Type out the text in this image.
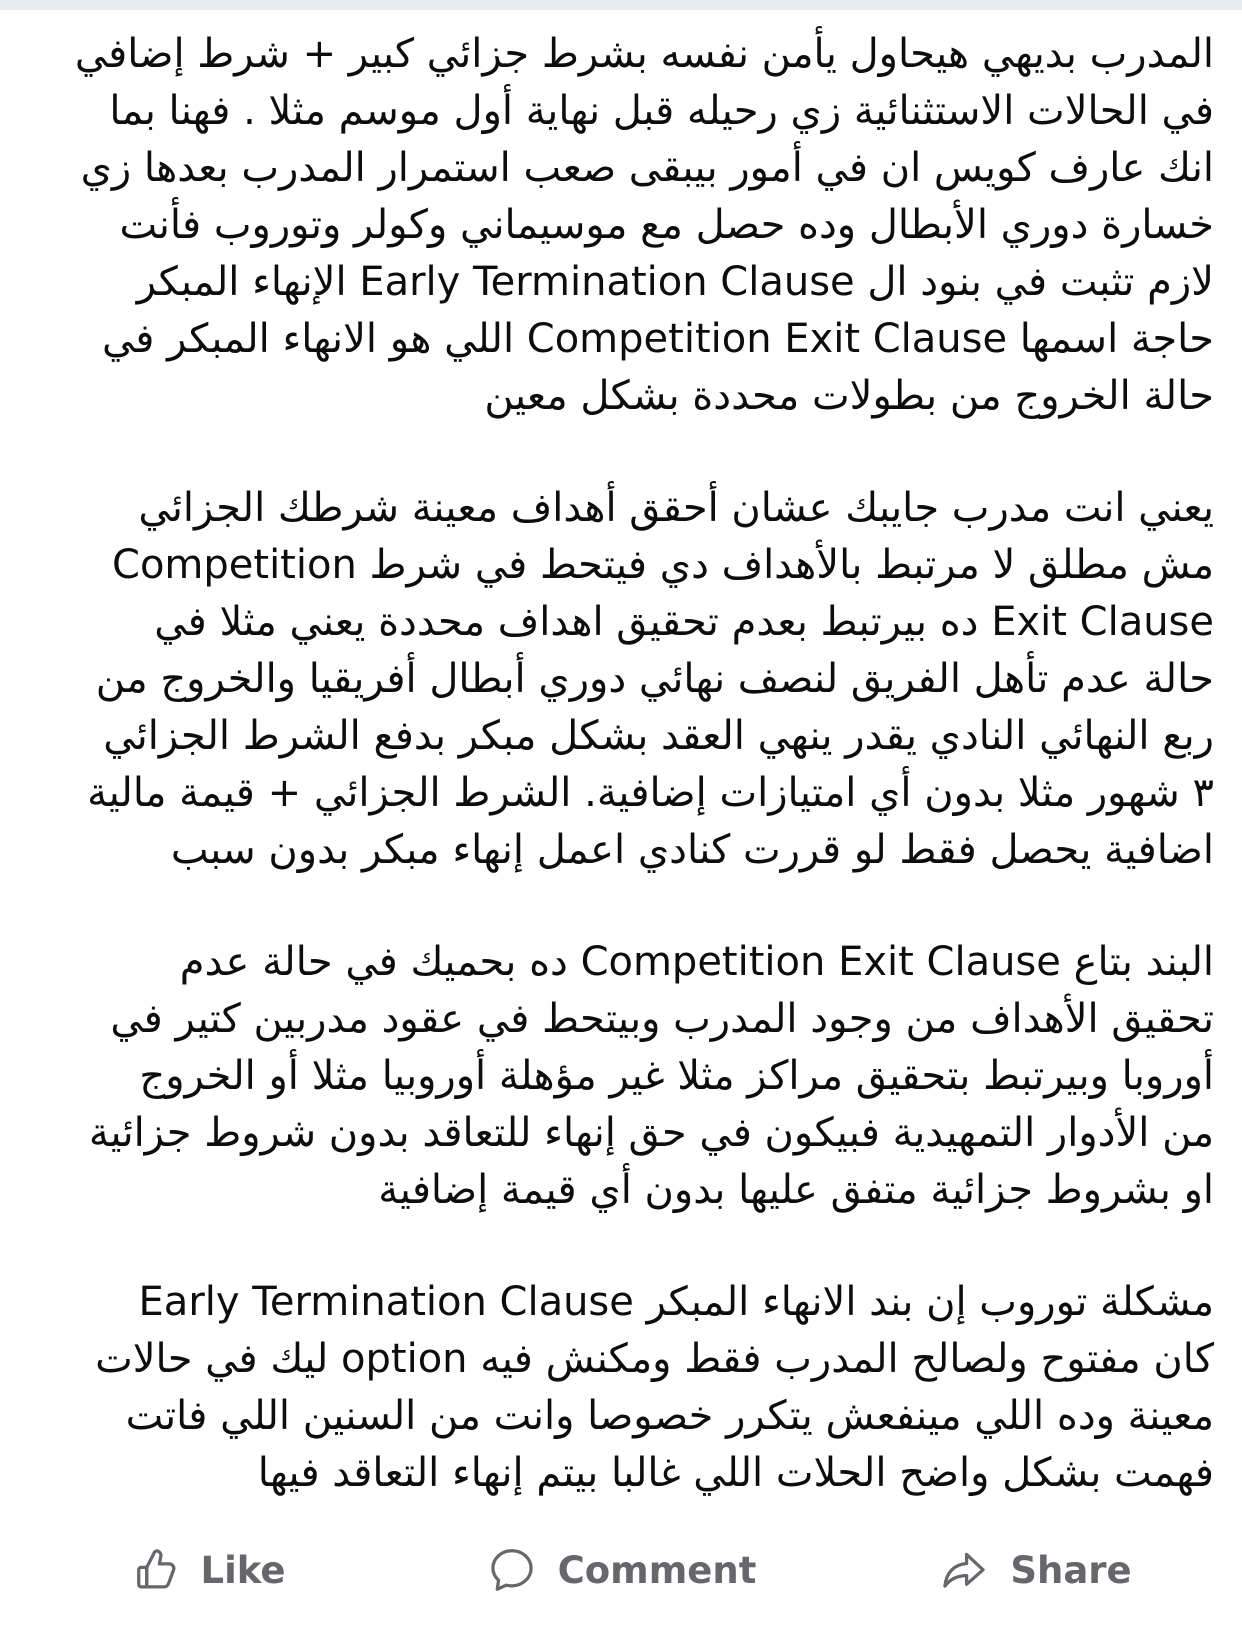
المدرب بديهي هيحاول يأمن نفسه بشرط جزائي كبير + شرط إضافي
في الحالات الاستثنائية زي رحيله قبل نهاية أول موسم مثلا . فهنا بما
انك عارف كويس ان في أمور بيبقى صعب استمرار المدرب بعدها زي
خسارة دوري الأبطال وده حصل مع موسيماني وكولر وتوروب فأنت
لازم تثبت في بنود ال Early Termination Clause الإنهاء المبكر
حاجة اسمها Competition Exit Clause اللي هو الانهاء المبكر في
حالة الخروج من بطولات محددة بشكل معين
يعني انت مدرب جايبك عشان أحقق أهداف معينة شرطك الجزائي
مش مطلق لا مرتبط بالأهداف دي فيتحط في شرط Competition
Exit Clause ده بيرتبط بعدم تحقيق اهداف محددة يعني مثلا في
حالة عدم تأهل الفريق لنصف نهائي دوري أبطال أفريقيا والخروج من
ربع النهائي النادي يقدر ينهي العقد بشكل مبكر بدفع الشرط الجزائي
٣ شهور مثلا بدون أي امتيازات إضافية. الشرط الجزائي + قيمة مالية
اضافية يحصل فقط لو قررت كنادي اعمل إنهاء مبكر بدون سبب
البند بتاع Competition Exit Clause ده بحميك في حالة عدم
تحقيق الأهداف من وجود المدرب وبيتحط في عقود مدربين كتير في
أوروبا وبيرتبط بتحقيق مراكز مثلا غير مؤهلة أوروبيا مثلا أو الخروج
من الأدوار التمهيدية فبيكون في حق إنهاء للتعاقد بدون شروط جزائية
او بشروط جزائية متفق عليها بدون أي قيمة إضافية
مشكلة توروب إن بند الانهاء المبكر Early Termination Clause
كان مفتوح ولصالح المدرب فقط ومكنش فيه option ليك في حالات
معينة وده اللي مينفعش يتكرر خصوصا وانت من السنين اللي فاتت
فهمت بشكل واضح الحلات اللي غالبا بيتم إنهاء التعاقد فيها
Like	Comment	Share
